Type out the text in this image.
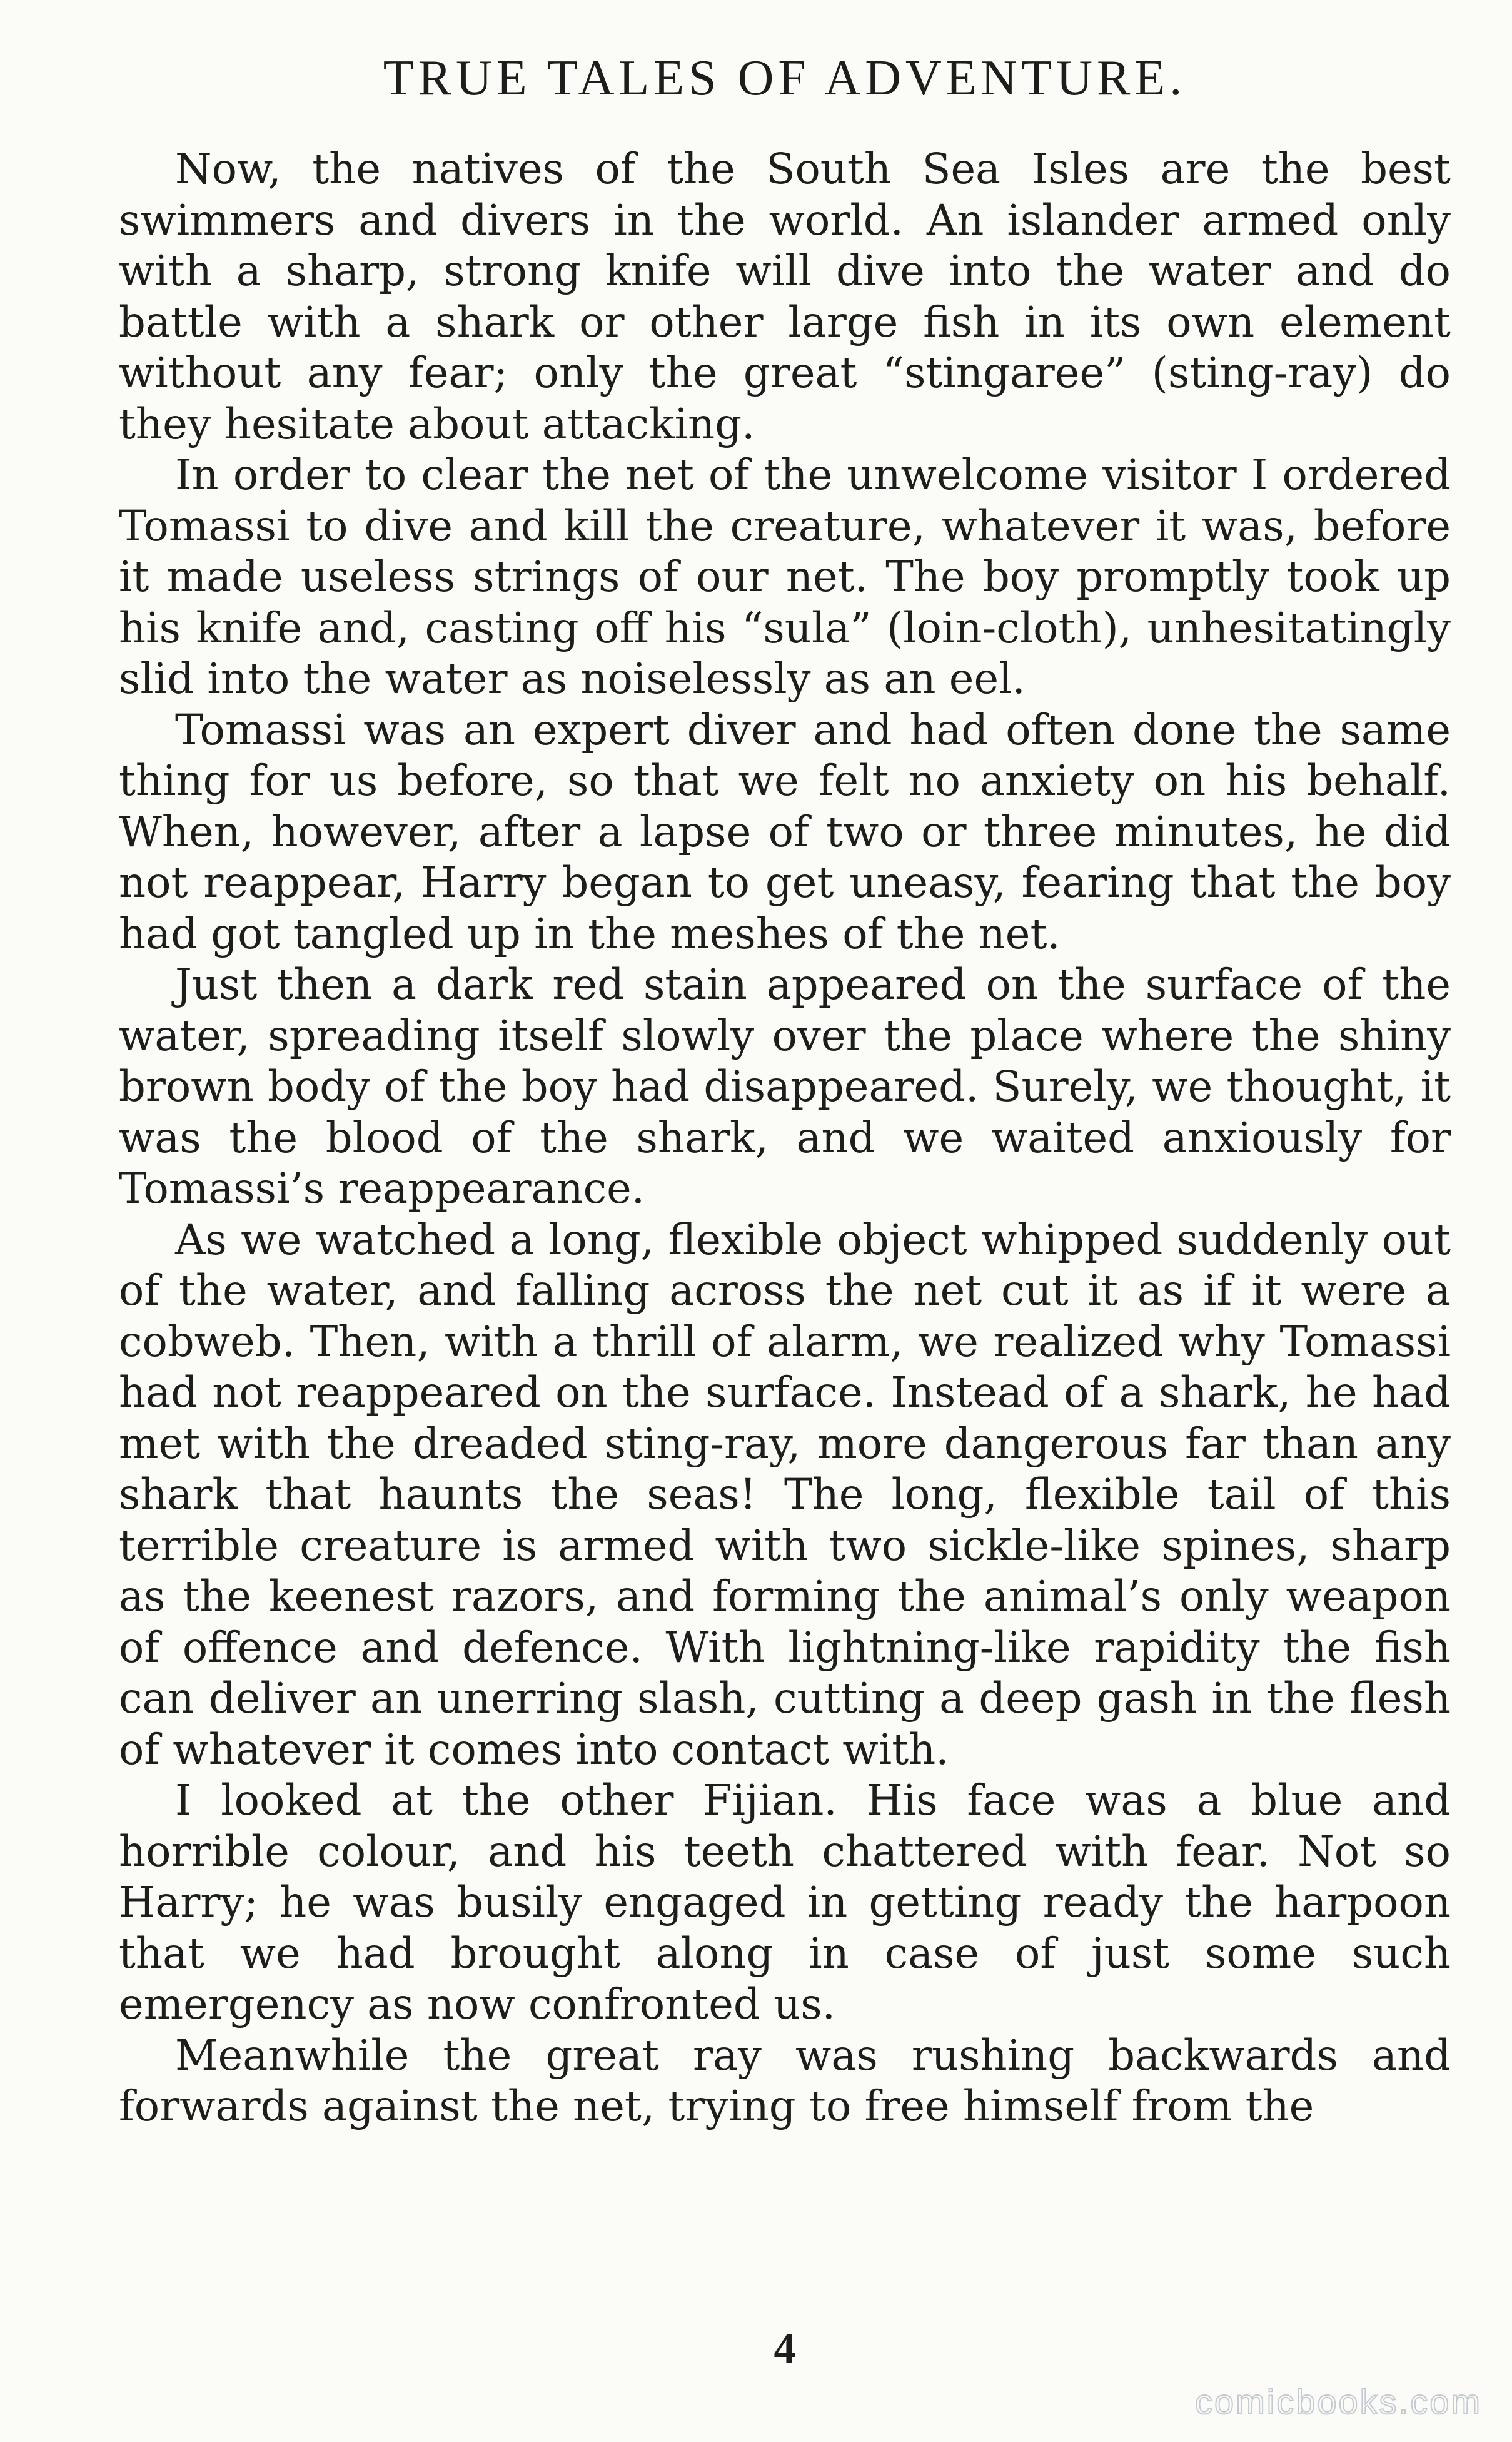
TRUE TALES OF ADVENTURE.

Now, the natives of the South Sea Isles are the best swimmers and divers in the world. An islander armed only with a sharp, strong knife will dive into the water and do battle with a shark or other large fish in its own element without any fear; only the great “stingaree” (sting-ray) do they hesitate about attacking.

In order to clear the net of the unwelcome visitor I ordered Tomassi to dive and kill the creature, whatever it was, before it made useless strings of our net. The boy promptly took up his knife and, casting off his “sula” (loin-cloth), unhesitatingly slid into the water as noiselessly as an eel.

Tomassi was an expert diver and had often done the same thing for us before, so that we felt no anxiety on his behalf. When, however, after a lapse of two or three minutes, he did not reappear, Harry began to get uneasy, fearing that the boy had got tangled up in the meshes of the net.

Just then a dark red stain appeared on the surface of the water, spreading itself slowly over the place where the shiny brown body of the boy had disappeared. Surely, we thought, it was the blood of the shark, and we waited anxiously for Tomassi’s reappearance.

As we watched a long, flexible object whipped suddenly out of the water, and falling across the net cut it as if it were a cobweb. Then, with a thrill of alarm, we realized why Tomassi had not reappeared on the surface. Instead of a shark, he had met with the dreaded sting-ray, more dangerous far than any shark that haunts the seas! The long, flexible tail of this terrible creature is armed with two sickle-like spines, sharp as the keenest razors, and forming the animal’s only weapon of offence and defence. With lightning-like rapidity the fish can deliver an unerring slash, cutting a deep gash in the flesh of whatever it comes into contact with.

I looked at the other Fijian. His face was a blue and horrible colour, and his teeth chattered with fear. Not so Harry; he was busily engaged in getting ready the harpoon that we had brought along in case of just some such emergency as now confronted us.

Meanwhile the great ray was rushing backwards and forwards against the net, trying to free himself from the

4
comicbooks.com
